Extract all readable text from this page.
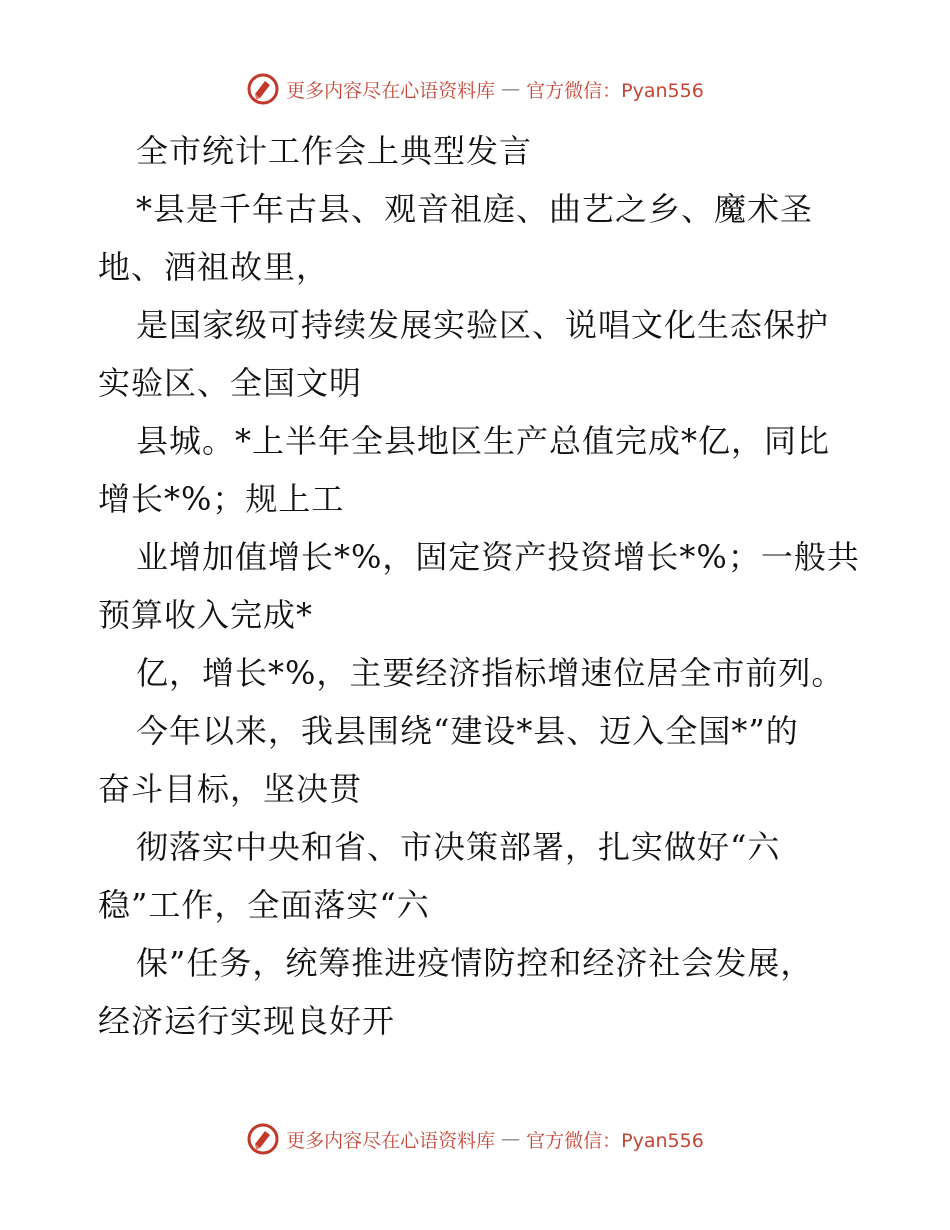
更多内容尽在心语资料库 — 官方微信：Pyan556

全市统计工作会上典型发言

*县是千年古县、观音祖庭、曲艺之乡、魔术圣
地、酒祖故里，

是国家级可持续发展实验区、说唱文化生态保护
实验区、全国文明

县城。*上半年全县地区生产总值完成*亿，同比
增长*%；规上工

业增加值增长*%，固定资产投资增长*%；一般共
预算收入完成*

亿，增长*%，主要经济指标增速位居全市前列。

今年以来，我县围绕“建设*县、迈入全国*”的
奋斗目标，坚决贯

彻落实中央和省、市决策部署，扎实做好“六
稳”工作，全面落实“六

保”任务，统筹推进疫情防控和经济社会发展，
经济运行实现良好开

更多内容尽在心语资料库 — 官方微信：Pyan556
